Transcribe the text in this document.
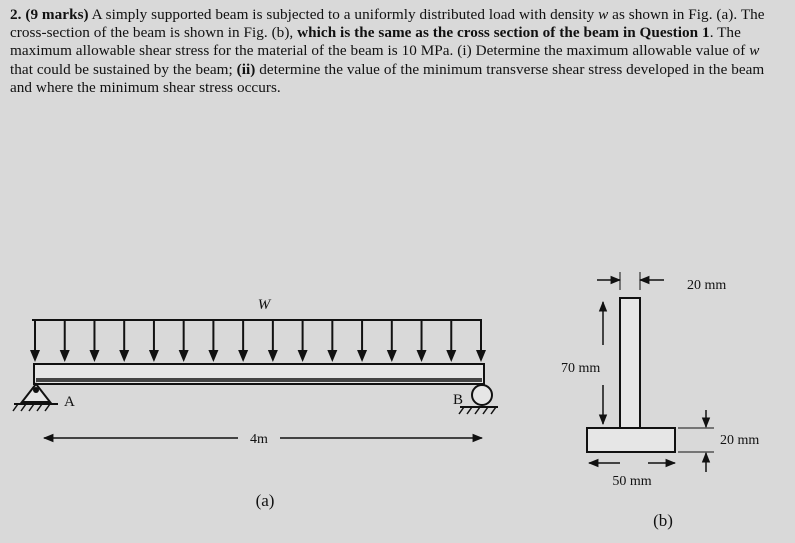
2. (9 marks) A simply supported beam is subjected to a uniformly distributed load with density w as shown in Fig. (a). The cross-section of the beam is shown in Fig. (b), which is the same as the cross section of the beam in Question 1. The maximum allowable shear stress for the material of the beam is 10 MPa. (i) Determine the maximum allowable value of w that could be sustained by the beam; (ii) determine the value of the minimum transverse shear stress developed in the beam and where the minimum shear stress occurs.

W
A	B
4m
(a)
20 mm
70 mm
20 mm
50 mm
(b)
